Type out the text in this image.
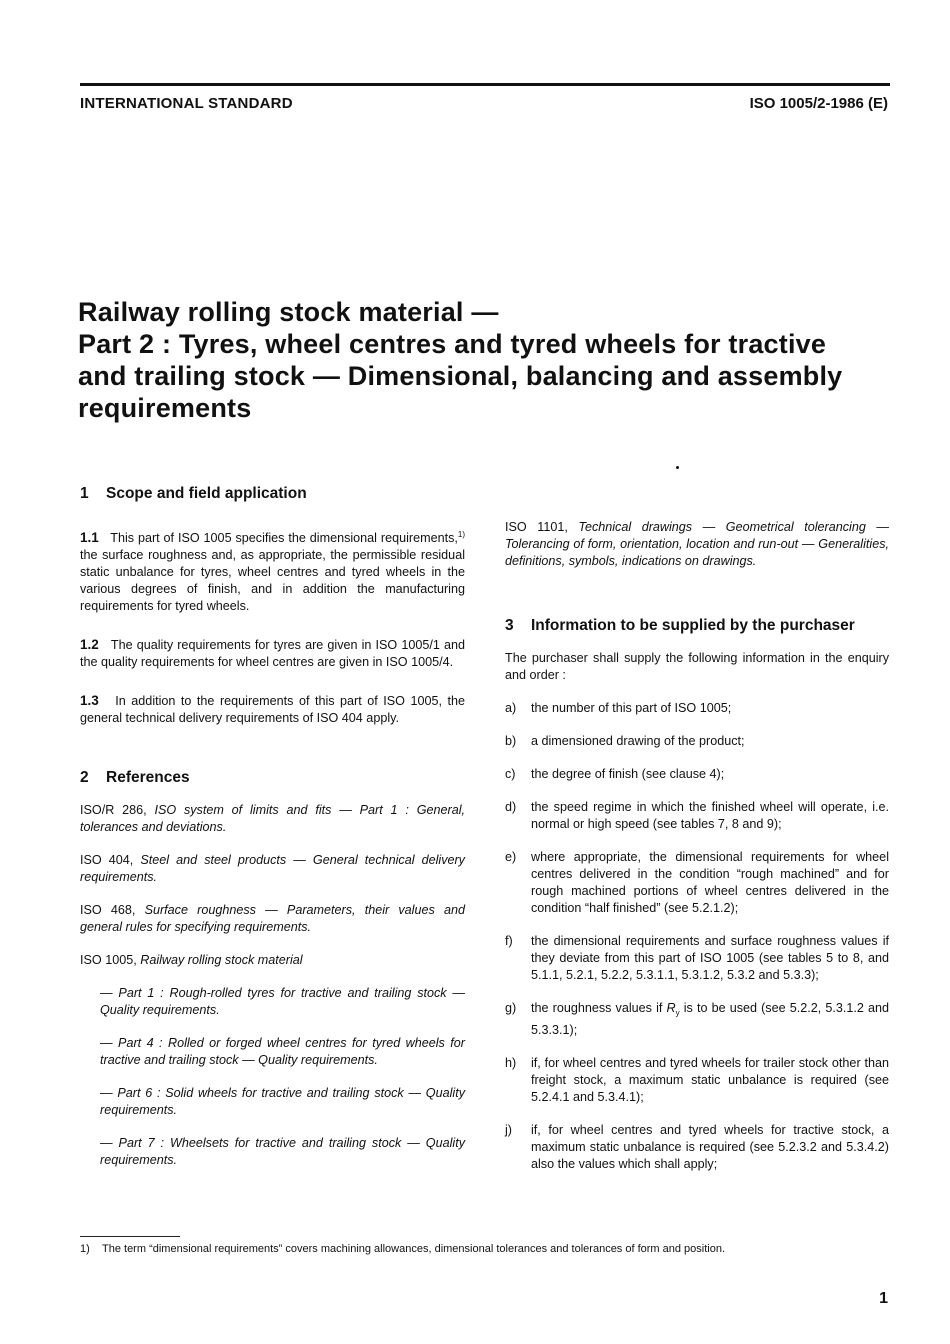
INTERNATIONAL STANDARD	ISO 1005/2-1986 (E)
Railway rolling stock material —
Part 2 : Tyres, wheel centres and tyred wheels for tractive
and trailing stock — Dimensional, balancing and assembly
requirements
1 Scope and field application

1.1 This part of ISO 1005 specifies the dimensional requirements,$^{1)}$ the surface roughness and, as appropriate, the permissible residual static unbalance for tyres, wheel centres and tyred wheels in the various degrees of finish, and in addition the manufacturing requirements for tyred wheels.

1.2 The quality requirements for tyres are given in ISO 1005/1 and the quality requirements for wheel centres are given in ISO 1005/4.

1.3 In addition to the requirements of this part of ISO 1005, the general technical delivery requirements of ISO 404 apply.

2 References

ISO/R 286, ISO system of limits and fits — Part 1 : General, tolerances and deviations.

ISO 404, Steel and steel products — General technical delivery requirements.

ISO 468, Surface roughness — Parameters, their values and general rules for specifying requirements.

ISO 1005, Railway rolling stock material

— Part 1 : Rough-rolled tyres for tractive and trailing stock — Quality requirements.

— Part 4 : Rolled or forged wheel centres for tyred wheels for tractive and trailing stock — Quality requirements.

— Part 6 : Solid wheels for tractive and trailing stock — Quality requirements.

— Part 7 : Wheelsets for tractive and trailing stock — Quality requirements.

ISO 1101, Technical drawings — Geometrical tolerancing — Tolerancing of form, orientation, location and run-out — Generalities, definitions, symbols, indications on drawings.

3 Information to be supplied by the purchaser

The purchaser shall supply the following information in the enquiry and order :

a)	the number of this part of ISO 1005;
b)	a dimensioned drawing of the product;
c)	the degree of finish (see clause 4);
d)	the speed regime in which the finished wheel will operate, i.e. normal or high speed (see tables 7, 8 and 9);
e)	where appropriate, the dimensional requirements for wheel centres delivered in the condition “rough machined” and for rough machined portions of wheel centres delivered in the condition “half finished” (see 5.2.1.2);
f)	the dimensional requirements and surface roughness values if they deviate from this part of ISO 1005 (see tables 5 to 8, and 5.1.1, 5.2.1, 5.2.2, 5.3.1.1, 5.3.1.2, 5.3.2 and 5.3.3);
g)	the roughness values if $R_y$ is to be used (see 5.2.2, 5.3.1.2 and 5.3.3.1);
h)	if, for wheel centres and tyred wheels for trailer stock other than freight stock, a maximum static unbalance is required (see 5.2.4.1 and 5.3.4.1);
j)	if, for wheel centres and tyred wheels for tractive stock, a maximum static unbalance is required (see 5.2.3.2 and 5.3.4.2) also the values which shall apply;
1) The term “dimensional requirements” covers machining allowances, dimensional tolerances and tolerances of form and position.
1
